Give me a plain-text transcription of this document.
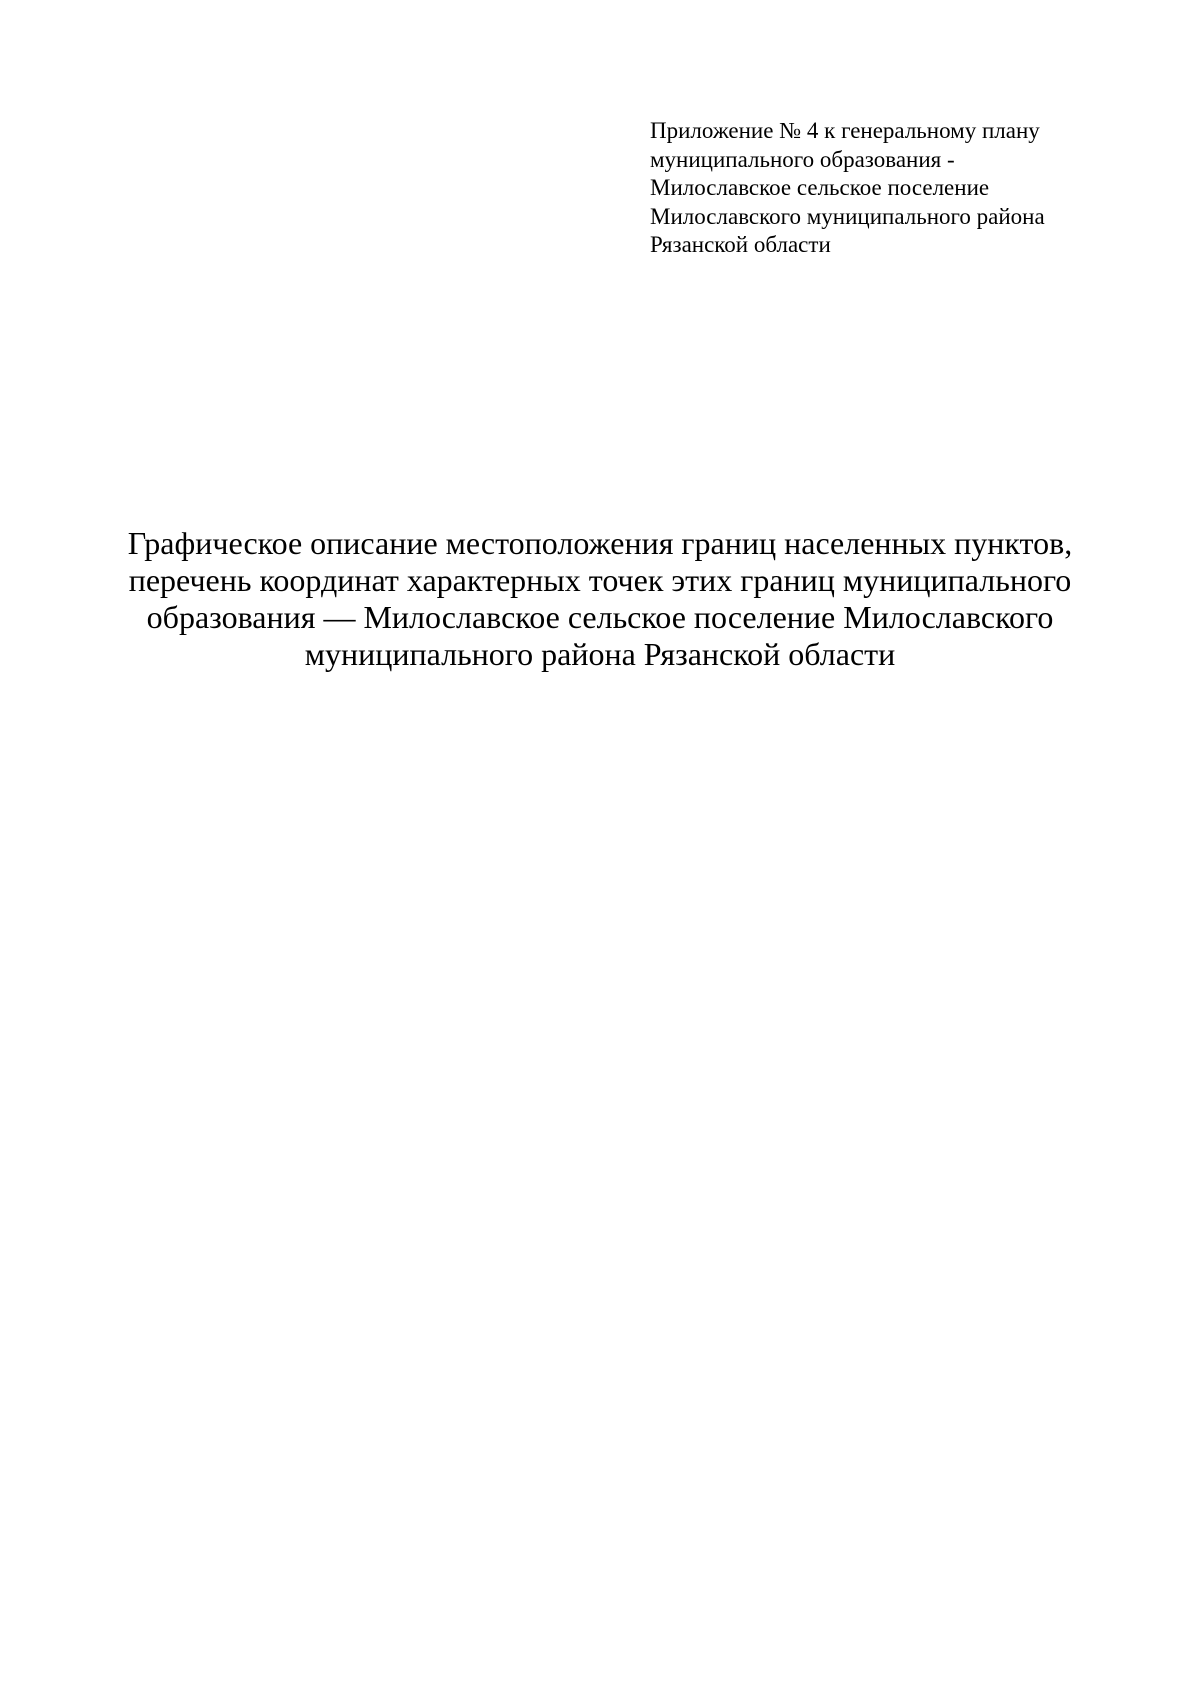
Приложение № 4 к генеральному плану
муниципального образования -
Милославское сельское поселение
Милославского муниципального района
Рязанской области
Графическое описание местоположения границ населенных пунктов,
перечень координат характерных точек этих границ муниципального
образования — Милославское сельское поселение Милославского
муниципального района Рязанской области
